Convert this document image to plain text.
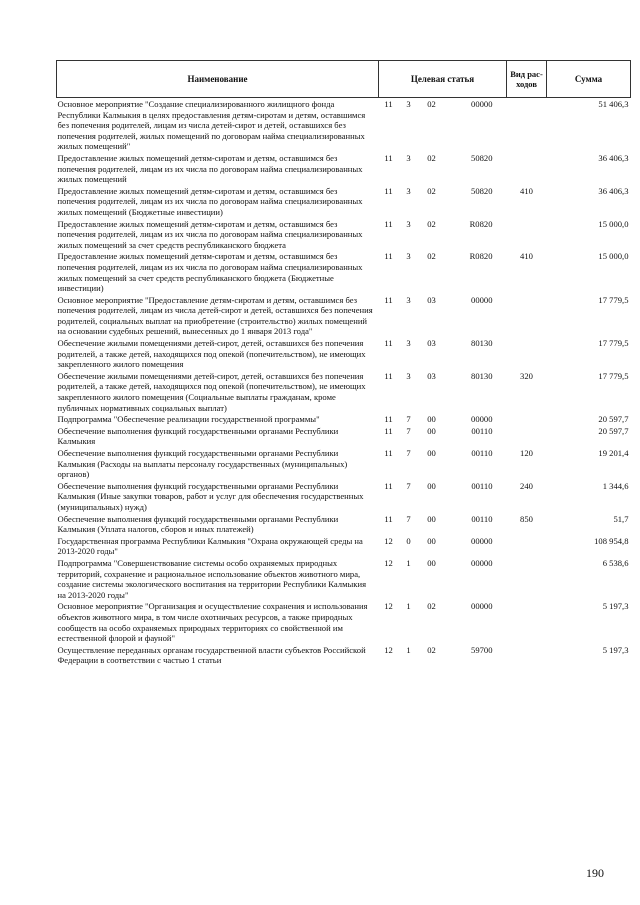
Наименование	Целевая статья				Вид рас-ходов	Сумма
Основное мероприятие "Создание специализированного жилищного фонда Республики Калмыкия в целях предоставления детям-сиротам и детям, оставшимся без попечения родителей, лицам из числа детей-сирот и детей, оставшихся без попечения родителей, жилых помещений по договорам найма специализированных жилых помещений"	11	3	02	00000		51 406,3
Предоставление жилых помещений детям-сиротам и детям, оставшимся без попечения родителей, лицам из их числа по договорам найма специализированных жилых помещений	11	3	02	50820		36 406,3
Предоставление жилых помещений детям-сиротам и детям, оставшимся без попечения родителей, лицам из их числа по договорам найма специализированных жилых помещений (Бюджетные инвестиции)	11	3	02	50820	410	36 406,3
Предоставление жилых помещений детям-сиротам и детям, оставшимся без попечения родителей, лицам из их числа по договорам найма специализированных жилых помещений за счет средств республиканского бюджета	11	3	02	R0820		15 000,0
Предоставление жилых помещений детям-сиротам и детям, оставшимся без попечения родителей, лицам из их числа по договорам найма специализированных жилых помещений за счет средств республиканского бюджета (Бюджетные инвестиции)	11	3	02	R0820	410	15 000,0
Основное мероприятие "Предоставление детям-сиротам и детям, оставшимся без попечения родителей, лицам из числа детей-сирот и детей, оставшихся без попечения родителей, социальных выплат на приобретение (строительство) жилых помещений на основании судебных решений, вынесенных до 1 января 2013 года"	11	3	03	00000		17 779,5
Обеспечение жилыми помещениями детей-сирот, детей, оставшихся без попечения родителей, а также детей, находящихся под опекой (попечительством), не имеющих закрепленного жилого помещения	11	3	03	80130		17 779,5
Обеспечение жилыми помещениями детей-сирот, детей, оставшихся без попечения родителей, а также детей, находящихся под опекой (попечительством), не имеющих закрепленного жилого помещения (Социальные выплаты гражданам, кроме публичных нормативных социальных выплат)	11	3	03	80130	320	17 779,5
Подпрограмма "Обеспечение реализации государственной программы"	11	7	00	00000		20 597,7
Обеспечение выполнения функций государственными органами Республики Калмыкия	11	7	00	00110		20 597,7
Обеспечение выполнения функций государственными органами Республики Калмыкия (Расходы на выплаты персоналу государственных (муниципальных) органов)	11	7	00	00110	120	19 201,4
Обеспечение выполнения функций государственными органами Республики Калмыкия (Иные закупки товаров, работ и услуг для обеспечения государственных (муниципальных) нужд)	11	7	00	00110	240	1 344,6
Обеспечение выполнения функций государственными органами Республики Калмыкия (Уплата налогов, сборов и иных платежей)	11	7	00	00110	850	51,7
Государственная программа Республики Калмыкия "Охрана окружающей среды на 2013-2020 годы"	12	0	00	00000		108 954,8
Подпрограмма "Совершенствование системы особо охраняемых природных территорий, сохранение и рациональное использование объектов животного мира, создание системы экологического воспитания на территории Республики Калмыкия на 2013-2020 годы"	12	1	00	00000		6 538,6
Основное мероприятие "Организация и осуществление сохранения и использования объектов животного мира, в том числе охотничьих ресурсов, а также природных сообществ на особо охраняемых природных территориях со свойственной им естественной флорой и фауной"	12	1	02	00000		5 197,3
Осуществление переданных органам государственной власти субъектов Российской Федерации в соответствии с частью 1 статьи	12	1	02	59700		5 197,3
190
